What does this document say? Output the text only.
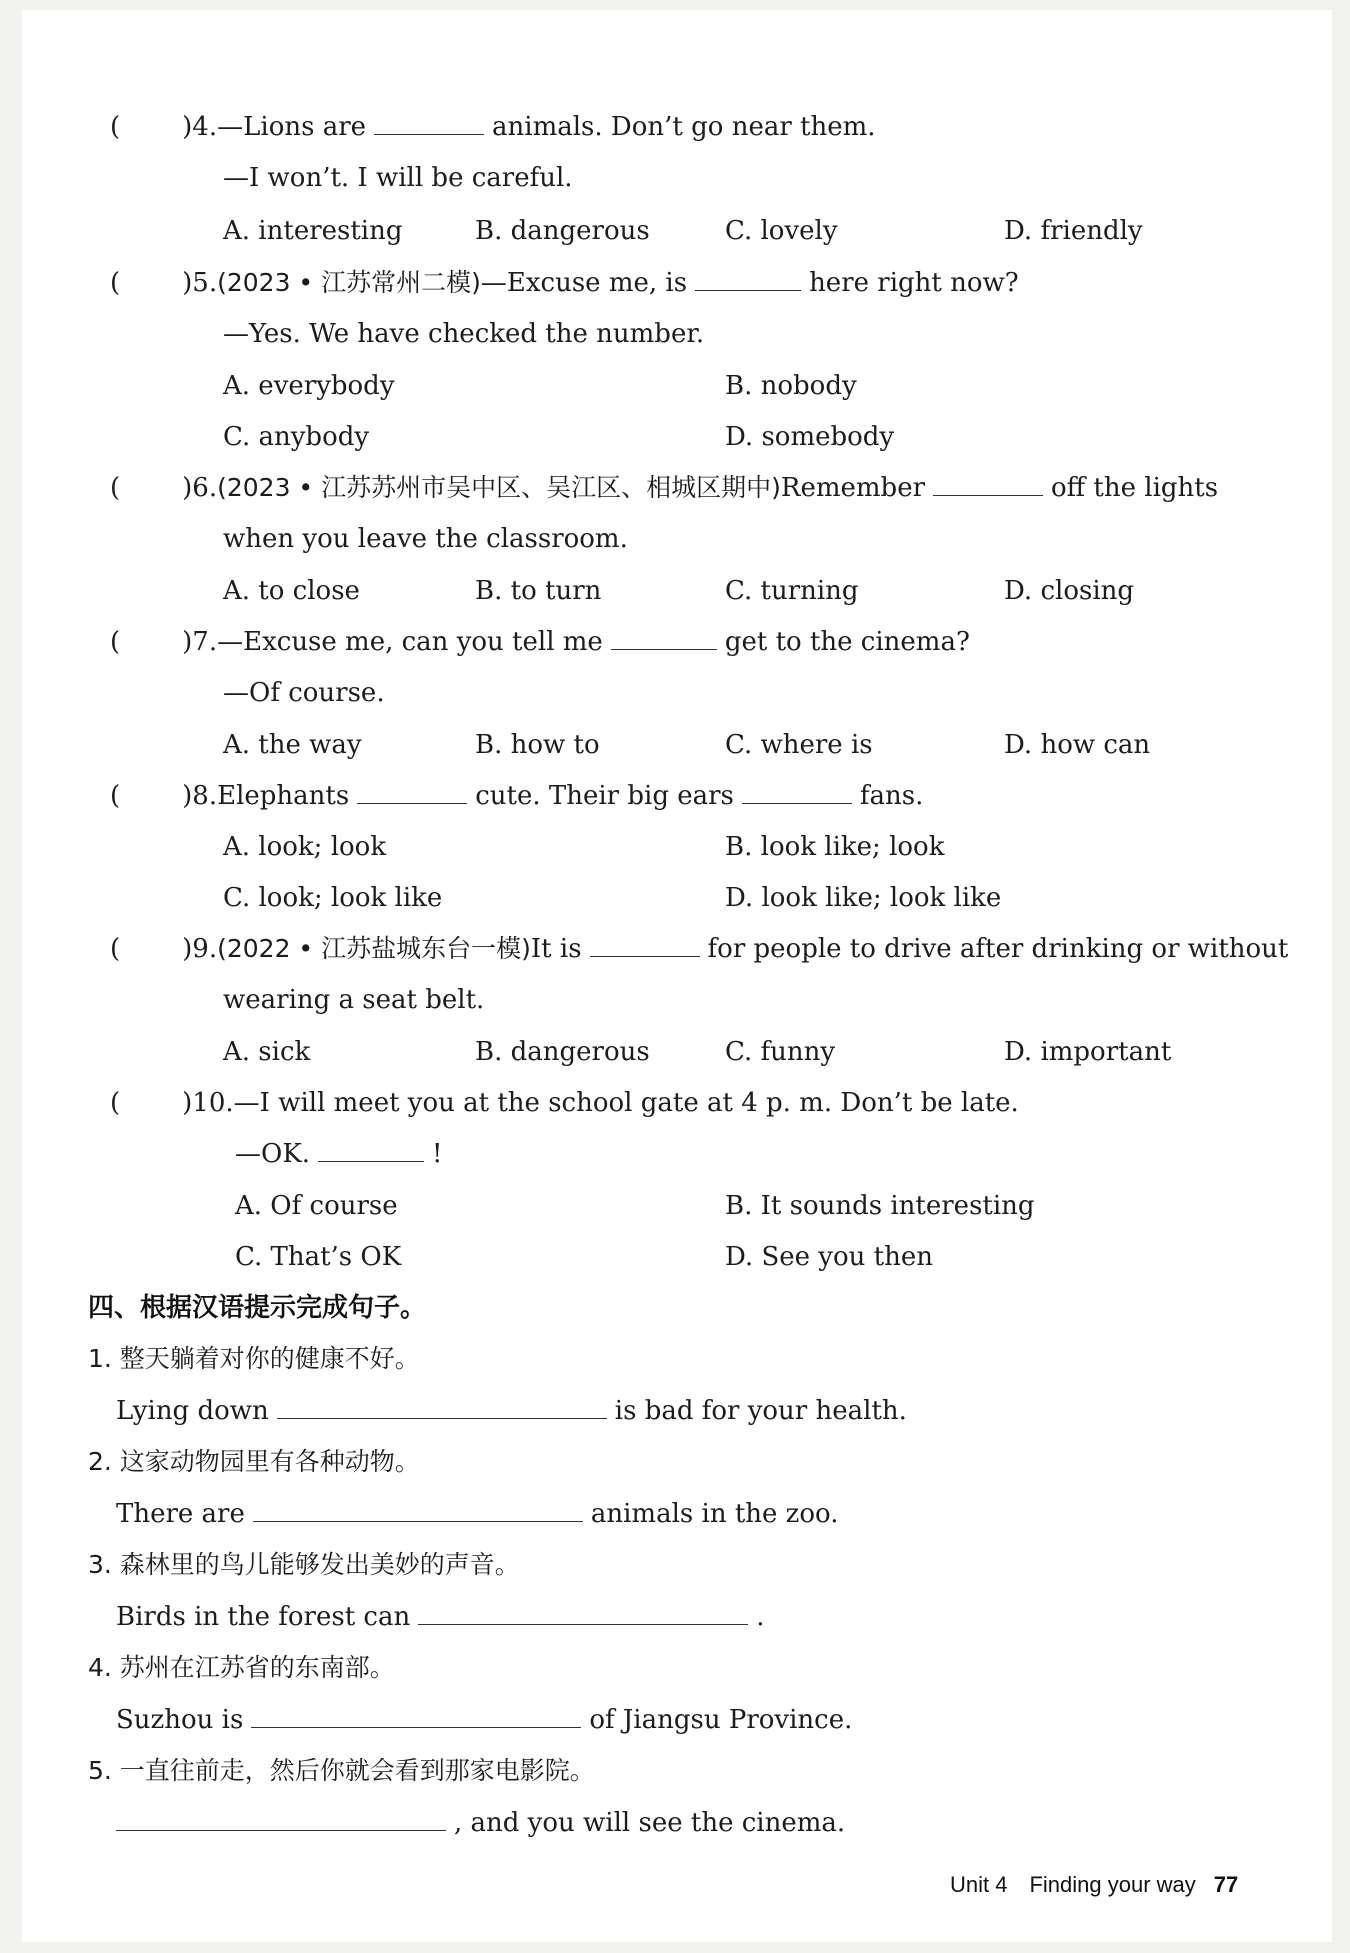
( )4.—Lions are	animals. Don’t go near them.
—I won’t. I will be careful.
A. interesting	B. dangerous	C. lovely	D. friendly
( )5.(2023 • 江苏常州二模)—Excuse me, is	here right now?
—Yes. We have checked the number.
A. everybody	B. nobody
C. anybody	D. somebody
( )6.(2023 • 江苏苏州市吴中区、吴江区、相城区期中)Remember	off the lights
when you leave the classroom.
A. to close	B. to turn	C. turning	D. closing
( )7.—Excuse me, can you tell me	get to the cinema?
—Of course.
A. the way	B. how to	C. where is	D. how can
( )8.Elephants	cute. Their big ears	fans.
A. look; look	B. look like; look
C. look; look like	D. look like; look like
( )9.(2022 • 江苏盐城东台一模)It is	for people to drive after drinking or without
wearing a seat belt.
A. sick	B. dangerous	C. funny	D. important
( )10.—I will meet you at the school gate at 4 p. m. Don’t be late.
—OK.	!
A. Of course	B. It sounds interesting
C. That’s OK	D. See you then
四、根据汉语提示完成句子。
1. 整天躺着对你的健康不好。
Lying down	is bad for your health.
2. 这家动物园里有各种动物。
There are	animals in the zoo.
3. 森林里的鸟儿能够发出美妙的声音。
Birds in the forest can	.
4. 苏州在江苏省的东南部。
Suzhou is	of Jiangsu Province.
5. 一直往前走，然后你就会看到那家电影院。
, and you will see the cinema.
Unit 4 Finding your way 77
